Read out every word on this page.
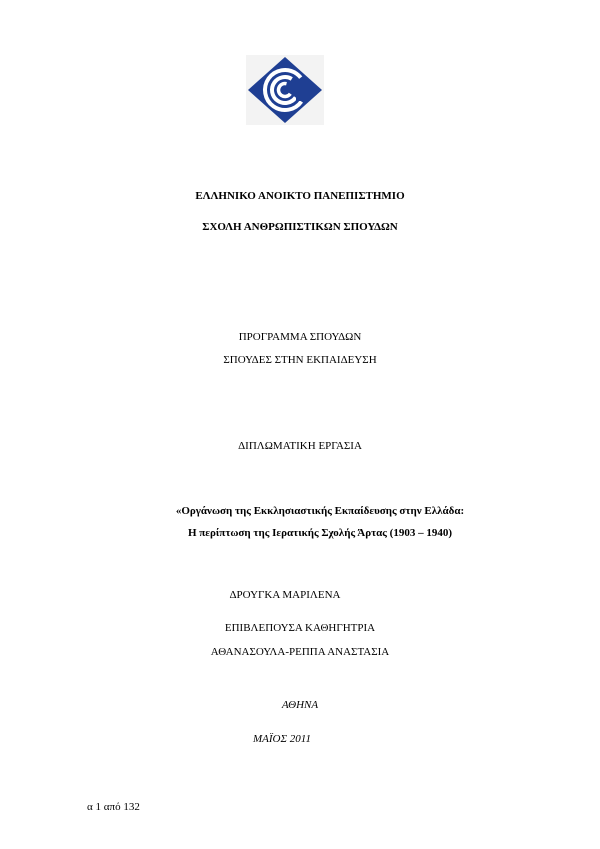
ΕΛΛΗΝΙΚΟ ΑΝΟΙΚΤΟ ΠΑΝΕΠΙΣΤΗΜΙΟ
ΣΧΟΛΗ ΑΝΘΡΩΠΙΣΤΙΚΩΝ ΣΠΟΥΔΩΝ
ΠΡΟΓΡΑΜΜΑ ΣΠΟΥΔΩΝ
ΣΠΟΥΔΕΣ ΣΤΗΝ ΕΚΠΑΙΔΕΥΣΗ
ΔΙΠΛΩΜΑΤΙΚΗ ΕΡΓΑΣΙΑ
«Οργάνωση της Εκκλησιαστικής Εκπαίδευσης στην Ελλάδα:
Η περίπτωση της Ιερατικής Σχολής Άρτας (1903 – 1940)
ΔΡΟΥΓΚΑ ΜΑΡΙΛΕΝΑ
ΕΠΙΒΛΕΠΟΥΣΑ ΚΑΘΗΓΗΤΡΙΑ
ΑΘΑΝΑΣΟΥΛΑ-ΡΕΠΠΑ ΑΝΑΣΤΑΣΙΑ
ΑΘΗΝΑ
ΜΑΪΟΣ 2011
α 1 από 132
